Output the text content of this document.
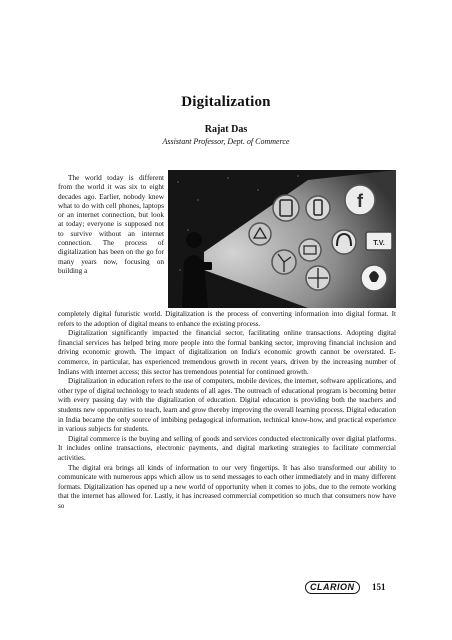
Digitalization
Rajat Das
Assistant Professor, Dept. of Commerce

The world today is different from the world it was six to eight decades ago. Earlier, nobody knew what to do with cell phones, laptops or an internet connection, but look at today; everyone is supposed not to survive without an internet connection. The process of digitalization has been on the go for many years now, focusing on building a

f
T.V.

completely digital futuristic world. Digitalization is the process of converting information into digital format. It refers to the adoption of digital means to enhance the existing process.

Digitalization significantly impacted the financial sector, facilitating online transactions. Adopting digital financial services has helped bring more people into the formal banking sector, improving financial inclusion and driving economic growth. The impact of digitalization on India's economic growth cannot be overstated. E-commerce, in particular, has experienced tremendous growth in recent years, driven by the increasing number of Indians with internet access; this sector has tremendous potential for continued growth.

Digitalization in education refers to the use of computers, mobile devices, the internet, software applications, and other type of digital technology to teach students of all ages. The outreach of educational program is becoming better with every passing day with the digitalization of education. Digital education is providing both the teachers and students new opportunities to teach, learn and grow thereby improving the overall learning process. Digital education in India became the only source of imbibing pedagogical information, technical know-how, and practical experience in various subjects for students.

Digital commerce is the buying and selling of goods and services conducted electronically over digital platforms. It includes online transactions, electronic payments, and digital marketing strategies to facilitate commercial activities.

The digital era brings all kinds of information to our very fingertips. It has also transformed our ability to communicate with numerous apps which allow us to send messages to each other immediately and in many different formats. Digitalization has opened up a new world of opportunity when it comes to jobs, due to the remote working that the internet has allowed for. Lastly, it has increased commercial competition so much that consumers now have so

CLARION	151
